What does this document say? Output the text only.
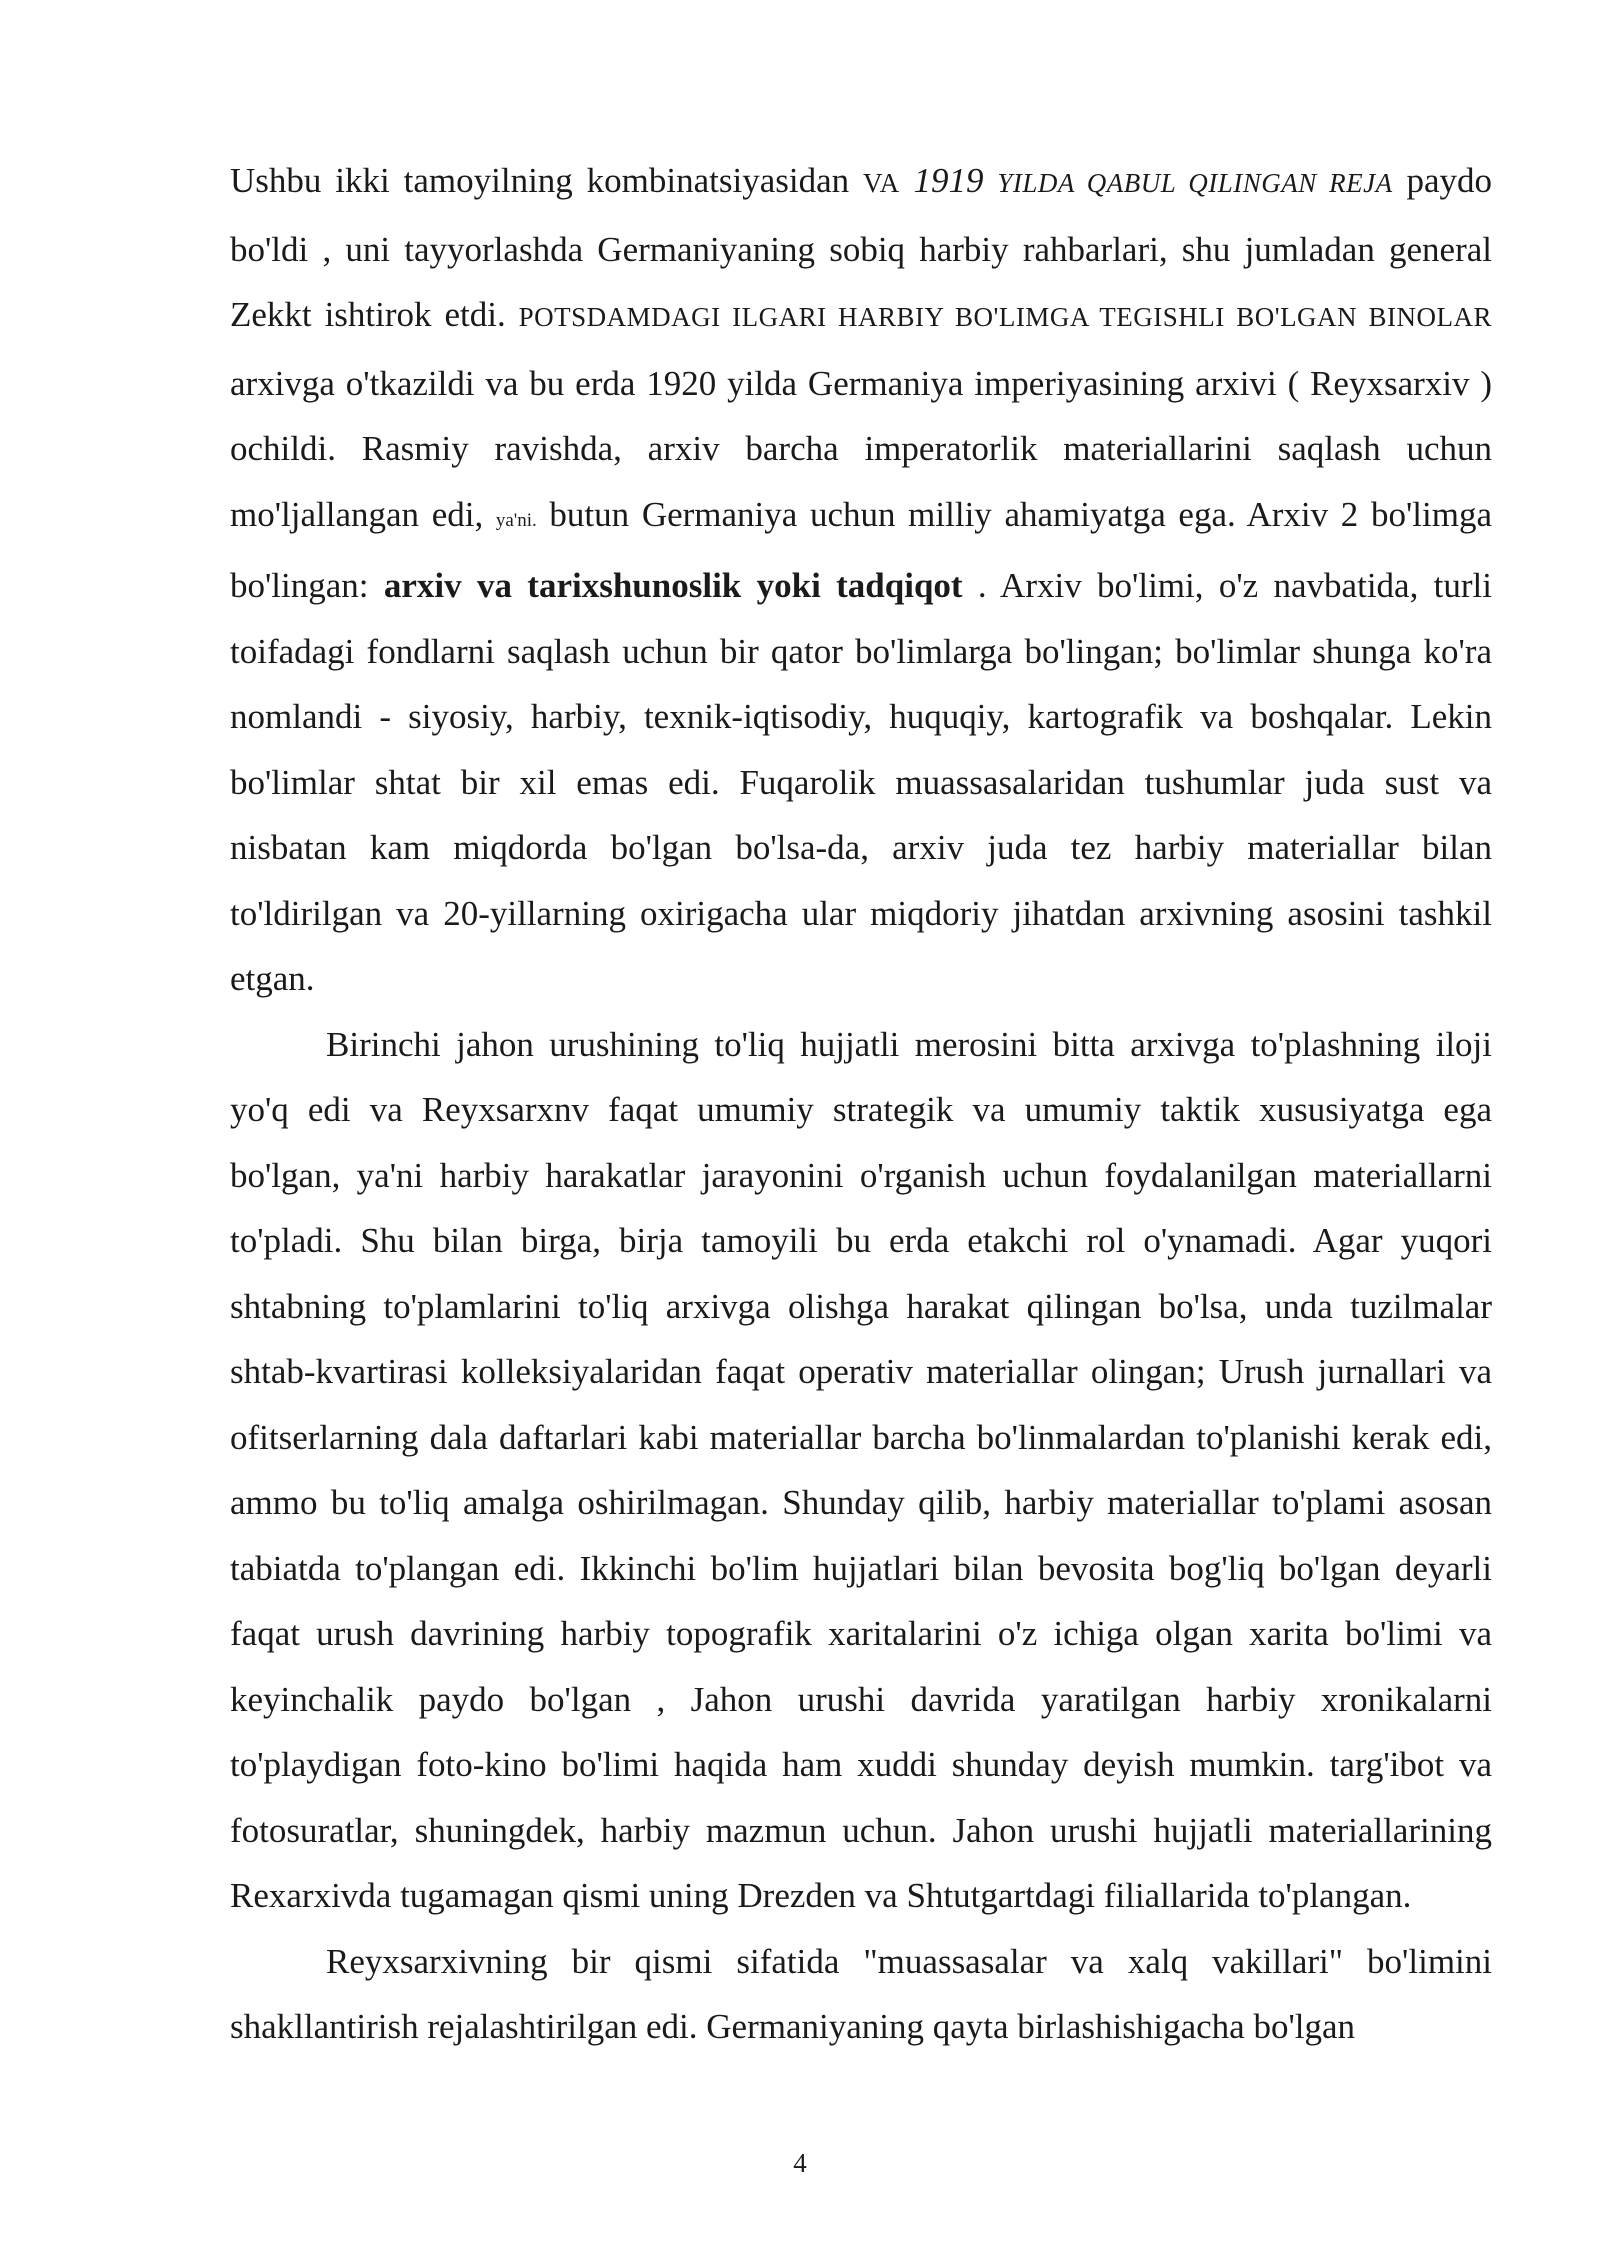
Ushbu ikki tamoyilning kombinatsiyasidan VA 1919 YILDA QABUL QILINGAN REJA paydo bo'ldi , uni tayyorlashda Germaniyaning sobiq harbiy rahbarlari, shu jumladan general Zekkt ishtirok etdi. POTSDAMDAGI ILGARI HARBIY BO'LIMGA TEGISHLI BO'LGAN BINOLAR arxivga o'tkazildi va bu erda 1920 yilda Germaniya imperiyasining arxivi ( Reyxsarxiv ) ochildi. Rasmiy ravishda, arxiv barcha imperatorlik materiallarini saqlash uchun mo'ljallangan edi, ya'ni. butun Germaniya uchun milliy ahamiyatga ega. Arxiv 2 bo'limga bo'lingan: arxiv va tarixshunoslik yoki tadqiqot . Arxiv bo'limi, o'z navbatida, turli toifadagi fondlarni saqlash uchun bir qator bo'limlarga bo'lingan; bo'limlar shunga ko'ra nomlandi - siyosiy, harbiy, texnik-iqtisodiy, huquqiy, kartografik va boshqalar. Lekin bo'limlar shtat bir xil emas edi. Fuqarolik muassasalaridan tushumlar juda sust va nisbatan kam miqdorda bo'lgan bo'lsa-da, arxiv juda tez harbiy materiallar bilan to'ldirilgan va 20-yillarning oxirigacha ular miqdoriy jihatdan arxivning asosini tashkil etgan.

Birinchi jahon urushining to'liq hujjatli merosini bitta arxivga to'plashning iloji yo'q edi va Reyxsarxnv faqat umumiy strategik va umumiy taktik xususiyatga ega bo'lgan, ya'ni harbiy harakatlar jarayonini o'rganish uchun foydalanilgan materiallarni to'pladi. Shu bilan birga, birja tamoyili bu erda etakchi rol o'ynamadi. Agar yuqori shtabning to'plamlarini to'liq arxivga olishga harakat qilingan bo'lsa, unda tuzilmalar shtab-kvartirasi kolleksiyalaridan faqat operativ materiallar olingan; Urush jurnallari va ofitserlarning dala daftarlari kabi materiallar barcha bo'linmalardan to'planishi kerak edi, ammo bu to'liq amalga oshirilmagan. Shunday qilib, harbiy materiallar to'plami asosan tabiatda to'plangan edi. Ikkinchi bo'lim hujjatlari bilan bevosita bog'liq bo'lgan deyarli faqat urush davrining harbiy topografik xaritalarini o'z ichiga olgan xarita bo'limi va keyinchalik paydo bo'lgan , Jahon urushi davrida yaratilgan harbiy xronikalarni to'playdigan foto-kino bo'limi haqida ham xuddi shunday deyish mumkin. targ'ibot va fotosuratlar, shuningdek, harbiy mazmun uchun. Jahon urushi hujjatli materiallarining Rexarxivda tugamagan qismi uning Drezden va Shtutgartdagi filiallarida to'plangan.

Reyxsarxivning bir qismi sifatida "muassasalar va xalq vakillari" bo'limini shakllantirish rejalashtirilgan edi. Germaniyaning qayta birlashishigacha bo'lgan

4
